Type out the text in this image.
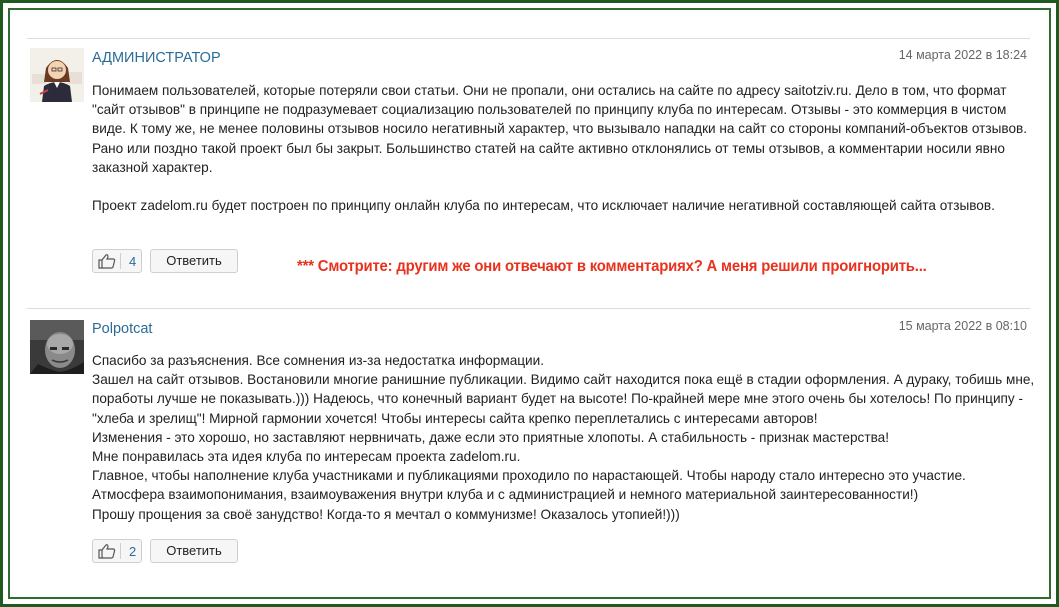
АДМИНИСТРАТОР	14 марта 2022 в 18:24

Понимаем пользователей, которые потеряли свои статьи. Они не пропали, они остались на сайте по адресу saitotziv.ru. Дело в том, что формат "сайт отзывов" в принципе не подразумевает социализацию пользователей по принципу клуба по интересам. Отзывы - это коммерция в чистом виде. К тому же, не менее половины отзывов носило негативный характер, что вызывало нападки на сайт со стороны компаний-объектов отзывов. Рано или поздно такой проект был бы закрыт. Большинство статей на сайте активно отклонялись от темы отзывов, а комментарии носили явно заказной характер.

Проект zadelom.ru будет построен по принципу онлайн клуба по интересам, что исключает наличие негативной составляющей сайта отзывов.

4	Ответить	*** Смотрите: другим же они отвечают в комментариях? А меня решили проигнорить...
Polpotcat	15 марта 2022 в 08:10

Спасибо за разъяснения. Все сомнения из-за недостатка информации.

Зашел на сайт отзывов. Востановили многие ранишние публикации. Видимо сайт находится пока ещё в стадии оформления. А дураку, тобишь мне, поработы лучше не показывать.))) Надеюсь, что конечный вариант будет на высоте! По-крайней мере мне этого очень бы хотелось! По принципу - "хлеба и зрелищ"! Мирной гармонии хочется! Чтобы интересы сайта крепко переплетались с интересами авторов!

Изменения - это хорошо, но заставляют нервничать, даже если это приятные хлопоты. А стабильность - признак мастерства!

Мне понравилась эта идея клуба по интересам проекта zadelom.ru.

Главное, чтобы наполнение клуба участниками и публикациями проходило по нарастающей. Чтобы народу стало интересно это участие.

Атмосфера взаимопонимания, взаимоуважения внутри клуба и с администрацией и немного материальной заинтересованности!)

Прошу прощения за своё занудство! Когда-то я мечтал о коммунизме! Оказалось утопией!)))

2	Ответить
